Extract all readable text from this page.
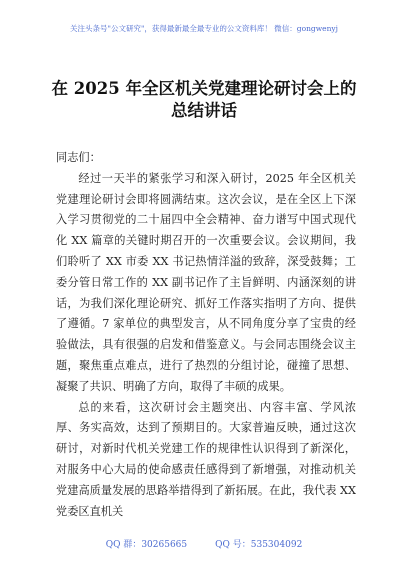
关注头条号"公文研究"，获得最新最全最专业的公文资料库！ 微信：gongwenyj
在 2025 年全区机关党建理论研讨会上的
总结讲话

同志们：

经过一天半的紧张学习和深入研讨，2025 年全区机关党建理论研讨会即将圆满结束。这次会议，是在全区上下深入学习贯彻党的二十届四中全会精神、奋力谱写中国式现代化 XX 篇章的关键时期召开的一次重要会议。会议期间，我们聆听了 XX 市委 XX 书记热情洋溢的致辞，深受鼓舞；工委分管日常工作的 XX 副书记作了主旨鲜明、内涵深刻的讲话，为我们深化理论研究、抓好工作落实指明了方向、提供了遵循。7 家单位的典型发言，从不同角度分享了宝贵的经验做法，具有很强的启发和借鉴意义。与会同志围绕会议主题，聚焦重点难点，进行了热烈的分组讨论，碰撞了思想、凝聚了共识、明确了方向，取得了丰硕的成果。

总的来看，这次研讨会主题突出、内容丰富、学风浓厚、务实高效，达到了预期目的。大家普遍反映，通过这次研讨，对新时代机关党建工作的规律性认识得到了新深化，对服务中心大局的使命感责任感得到了新增强，对推动机关党建高质量发展的思路举措得到了新拓展。在此，我代表 XX 党委区直机关

QQ 群：30265665	QQ 号：535304092
